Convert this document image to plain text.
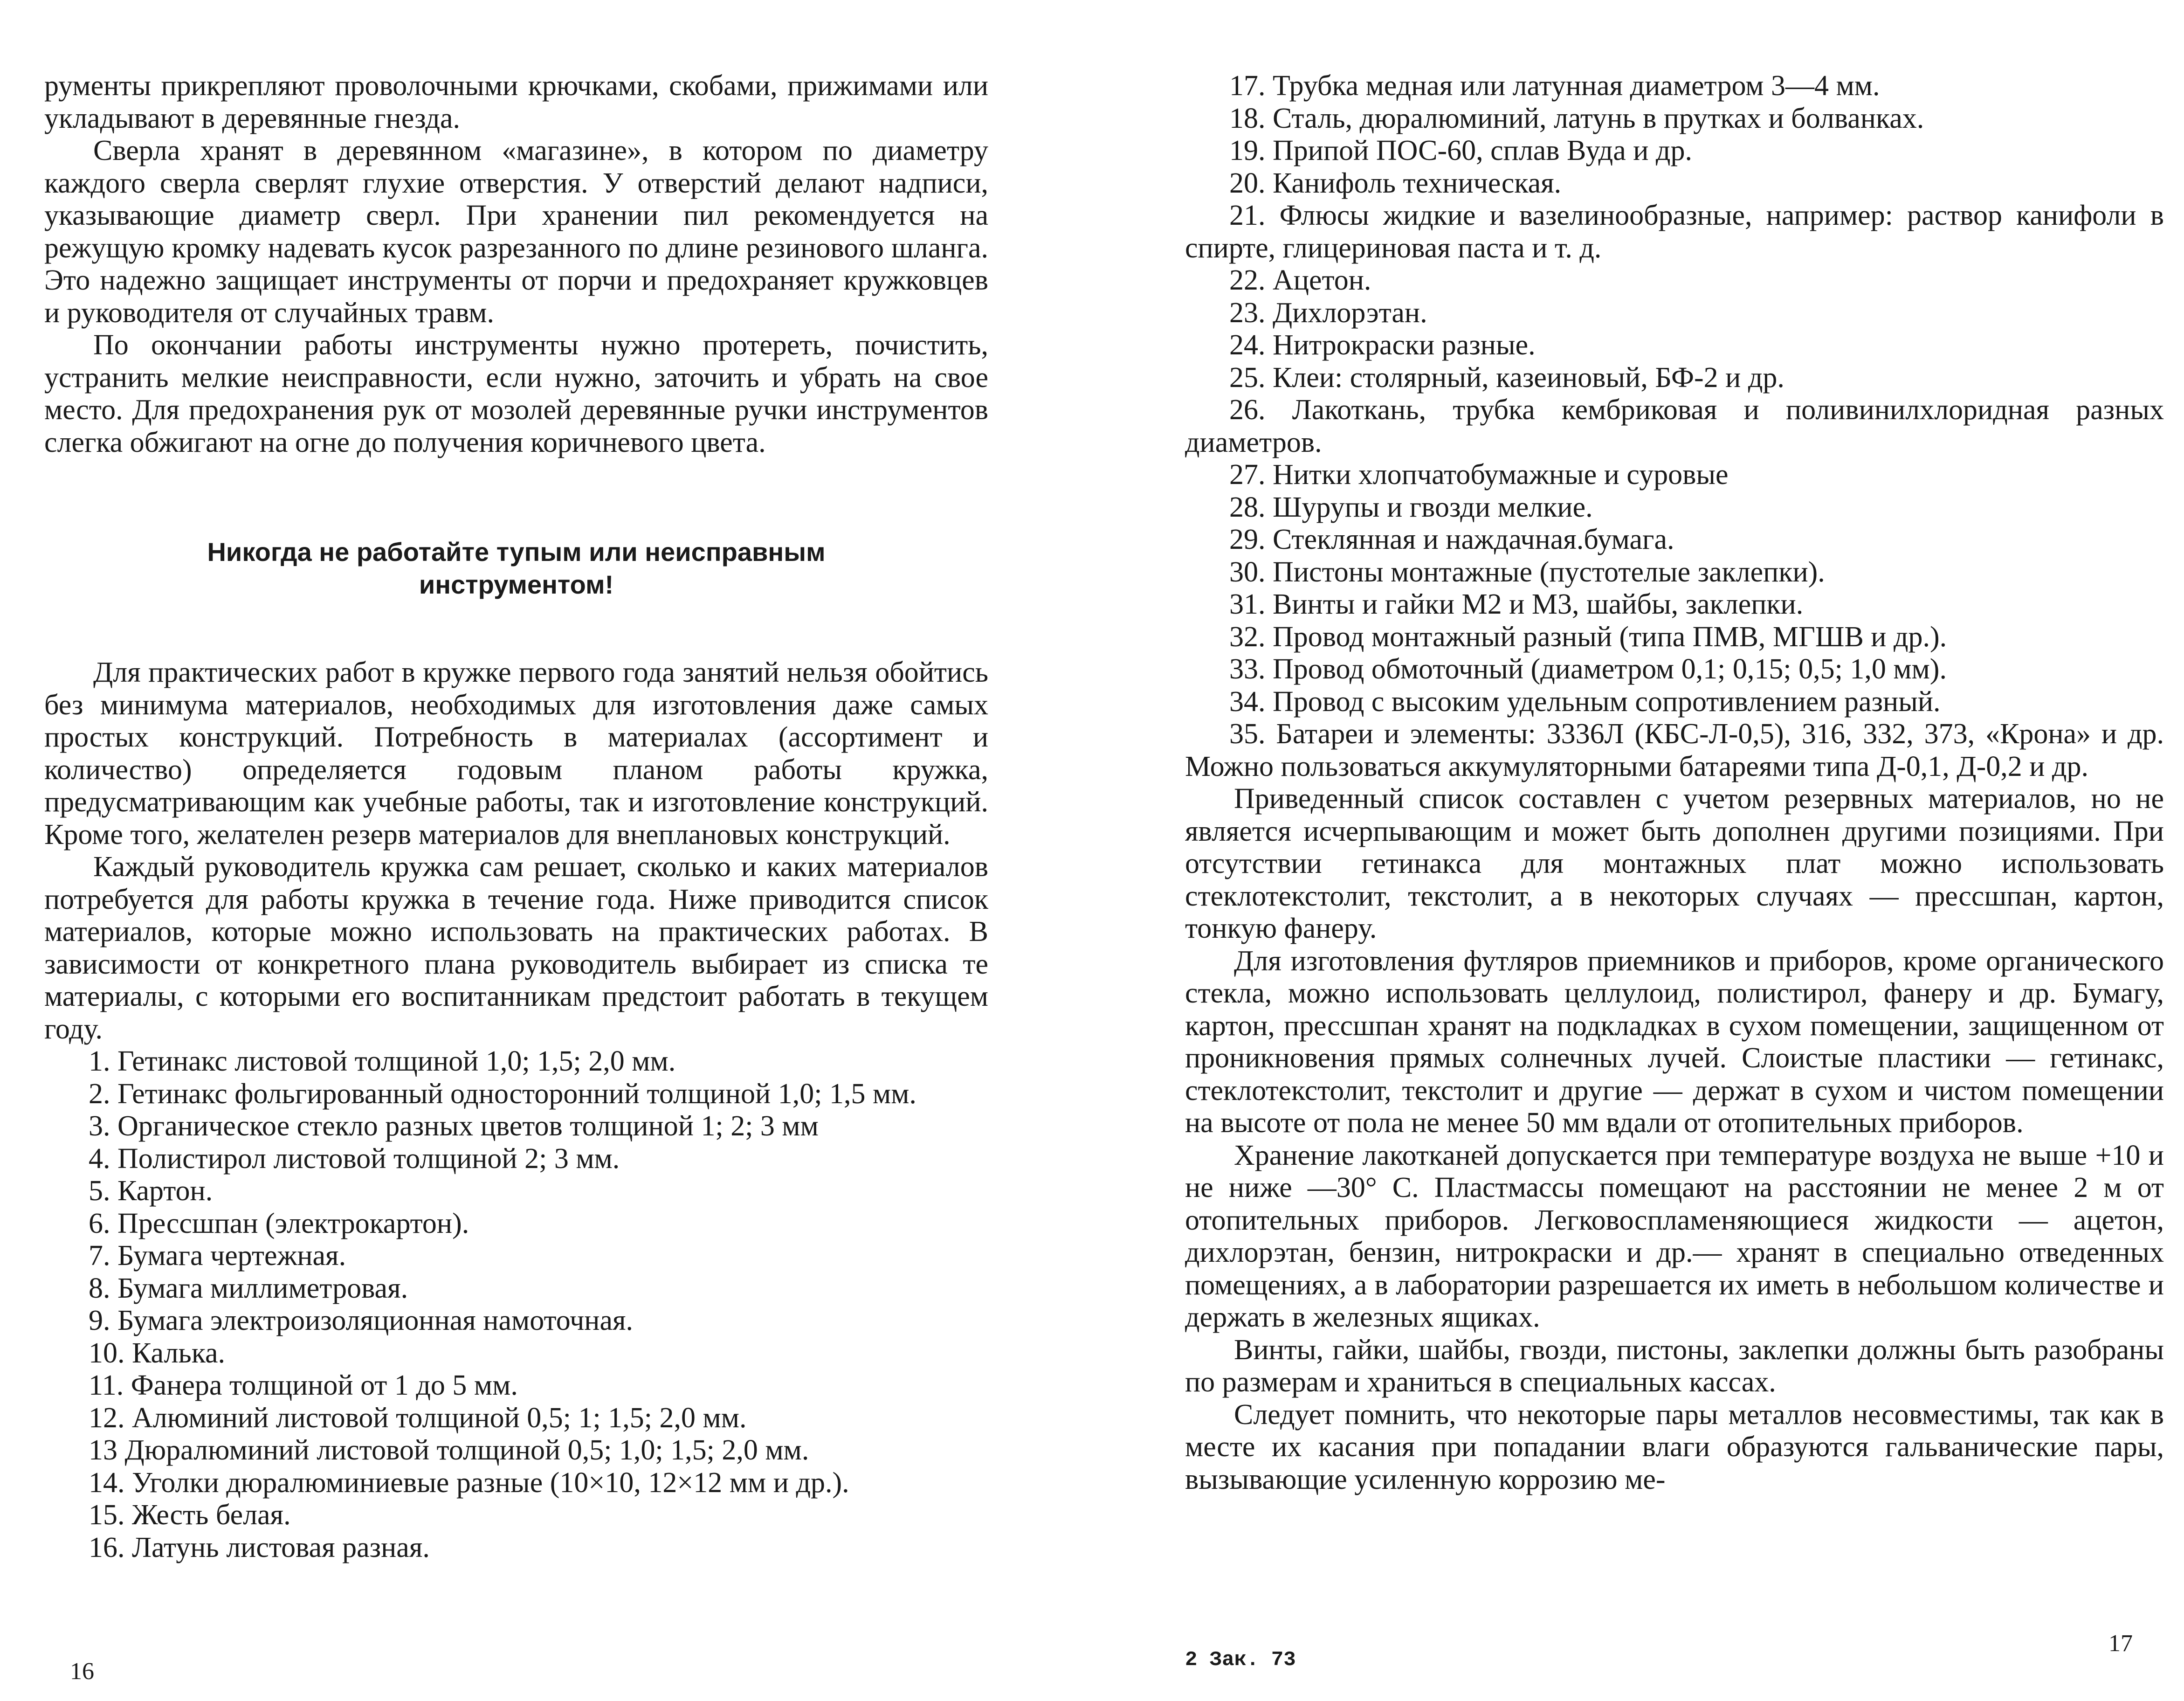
рументы прикрепляют проволочными крючками, скобами, прижимами или укладывают в деревянные гнезда.

Сверла хранят в деревянном «магазине», в котором по диаметру каждого сверла сверлят глухие отверстия. У отверстий делают надписи, указывающие диаметр сверл. При хранении пил рекомендуется на режущую кромку надевать кусок разрезанного по длине резинового шланга. Это надежно защищает инструменты от порчи и предохраняет кружковцев и руководителя от случайных травм.

По окончании работы инструменты нужно протереть, почистить, устранить мелкие неисправности, если нужно, заточить и убрать на свое место. Для предохранения рук от мозолей деревянные ручки инструментов слегка обжигают на огне до получения коричневого цвета.

Никогда не работайте тупым или неисправным инструментом!

Для практических работ в кружке первого года занятий нельзя обойтись без минимума материалов, необходимых для изготовления даже самых простых конструкций. Потребность в материалах (ассортимент и количество) определяется годовым планом работы кружка, предусматривающим как учебные работы, так и изготовление конструкций. Кроме того, желателен резерв материалов для внеплановых конструкций.

Каждый руководитель кружка сам решает, сколько и каких материалов потребуется для работы кружка в течение года. Ниже приводится список материалов, которые можно использовать на практических работах. В зависимости от конкретного плана руководитель выбирает из списка те материалы, с которыми его воспитанникам предстоит работать в текущем году.

1. Гетинакс листовой толщиной 1,0; 1,5; 2,0 мм.

2. Гетинакс фольгированный односторонний толщиной 1,0; 1,5 мм.

3. Органическое стекло разных цветов толщиной 1; 2; 3 мм

4. Полистирол листовой толщиной 2; 3 мм.

5. Картон.

6. Прессшпан (электрокартон).

7. Бумага чертежная.

8. Бумага миллиметровая.

9. Бумага электроизоляционная намоточная.

10. Калька.

11. Фанера толщиной от 1 до 5 мм.

12. Алюминий листовой толщиной 0,5; 1; 1,5; 2,0 мм.

13 Дюралюминий листовой толщиной 0,5; 1,0; 1,5; 2,0 мм.

14. Уголки дюралюминиевые разные (10×10, 12×12 мм и др.).

15. Жесть белая.

16. Латунь листовая разная.

16

17. Трубка медная или латунная диаметром 3—4 мм.

18. Сталь, дюралюминий, латунь в прутках и болванках.

19. Припой ПОС-60, сплав Вуда и др.

20. Канифоль техническая.

21. Флюсы жидкие и вазелинообразные, например: раствор канифоли в спирте, глицериновая паста и т. д.

22. Ацетон.

23. Дихлорэтан.

24. Нитрокраски разные.

25. Клеи: столярный, казеиновый, БФ-2 и др.

26. Лакоткань, трубка кембриковая и поливинилхлоридная разных диаметров.

27. Нитки хлопчатобумажные и суровые

28. Шурупы и гвозди мелкие.

29. Стеклянная и наждачная.бумага.

30. Пистоны монтажные (пустотелые заклепки).

31. Винты и гайки М2 и М3, шайбы, заклепки.

32. Провод монтажный разный (типа ПМВ, МГШВ и др.).

33. Провод обмоточный (диаметром 0,1; 0,15; 0,5; 1,0 мм).

34. Провод с высоким удельным сопротивлением разный.

35. Батареи и элементы: 3336Л (КБС-Л-0,5), 316, 332, 373, «Крона» и др. Можно пользоваться аккумуляторными батареями типа Д-0,1, Д-0,2 и др.

Приведенный список составлен с учетом резервных материалов, но не является исчерпывающим и может быть дополнен другими позициями. При отсутствии гетинакса для монтажных плат можно использовать стеклотекстолит, текстолит, а в некоторых случаях — прессшпан, картон, тонкую фанеру.

Для изготовления футляров приемников и приборов, кроме органического стекла, можно использовать целлулоид, полистирол, фанеру и др. Бумагу, картон, прессшпан хранят на подкладках в сухом помещении, защищенном от проникновения прямых солнечных лучей. Слоистые пластики — гетинакс, стеклотекстолит, текстолит и другие — держат в сухом и чистом помещении на высоте от пола не менее 50 мм вдали от отопительных приборов.

Хранение лакотканей допускается при температуре воздуха не выше +10 и не ниже —30° С. Пластмассы помещают на расстоянии не менее 2 м от отопительных приборов. Легковоспламеняющиеся жидкости — ацетон, дихлорэтан, бензин, нитрокраски и др.— хранят в специально отведенных помещениях, а в лаборатории разрешается их иметь в небольшом количестве и держать в железных ящиках.

Винты, гайки, шайбы, гвозди, пистоны, заклепки должны быть разобраны по размерам и храниться в специальных кассах.

Следует помнить, что некоторые пары металлов несовместимы, так как в месте их касания при попадании влаги образуются гальванические пары, вызывающие усиленную коррозию ме-

2 Зак. 73
17
